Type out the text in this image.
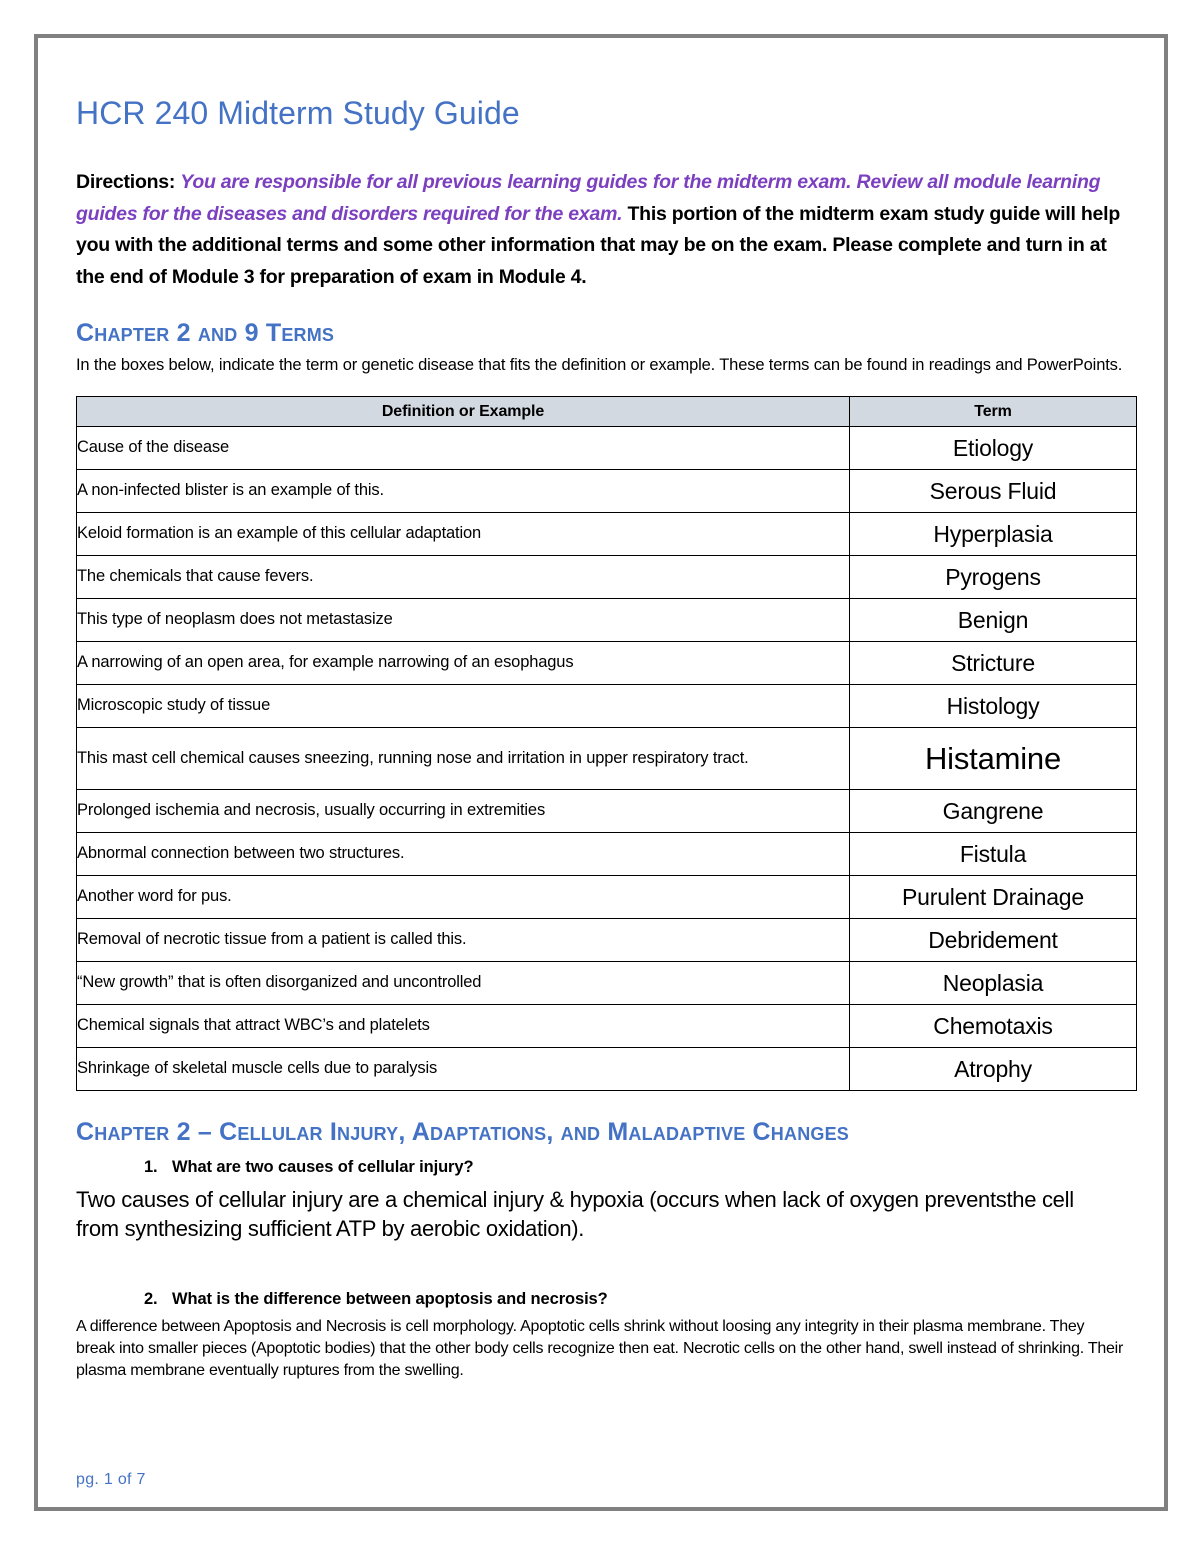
HCR 240 Midterm Study Guide

Directions: You are responsible for all previous learning guides for the midterm exam. Review all module learning guides for the diseases and disorders required for the exam. This portion of the midterm exam study guide will help you with the additional terms and some other information that may be on the exam. Please complete and turn in at the end of Module 3 for preparation of exam in Module 4.

Chapter 2 and 9 Terms
In the boxes below, indicate the term or genetic disease that fits the definition or example. These terms can be found in readings and PowerPoints.
Definition or Example	Term
Cause of the disease	Etiology
A non-infected blister is an example of this.	Serous Fluid
Keloid formation is an example of this cellular adaptation	Hyperplasia
The chemicals that cause fevers.	Pyrogens
This type of neoplasm does not metastasize	Benign
A narrowing of an open area, for example narrowing of an esophagus	Stricture
Microscopic study of tissue	Histology
This mast cell chemical causes sneezing, running nose and irritation in upper respiratory tract.	Histamine
Prolonged ischemia and necrosis, usually occurring in extremities	Gangrene
Abnormal connection between two structures.	Fistula
Another word for pus.	Purulent Drainage
Removal of necrotic tissue from a patient is called this.	Debridement
“New growth” that is often disorganized and uncontrolled	Neoplasia
Chemical signals that attract WBC’s and platelets	Chemotaxis
Shrinkage of skeletal muscle cells due to paralysis	Atrophy
Chapter 2 – Cellular Injury, Adaptations, and Maladaptive Changes
1. What are two causes of cellular injury?
Two causes of cellular injury are a chemical injury & hypoxia (occurs when lack of oxygen preventsthe cell from synthesizing sufficient ATP by aerobic oxidation).
2. What is the difference between apoptosis and necrosis?
A difference between Apoptosis and Necrosis is cell morphology. Apoptotic cells shrink without loosing any integrity in their plasma membrane. They break into smaller pieces (Apoptotic bodies) that the other body cells recognize then eat. Necrotic cells on the other hand, swell instead of shrinking. Their plasma membrane eventually ruptures from the swelling.
pg. 1 of 7
